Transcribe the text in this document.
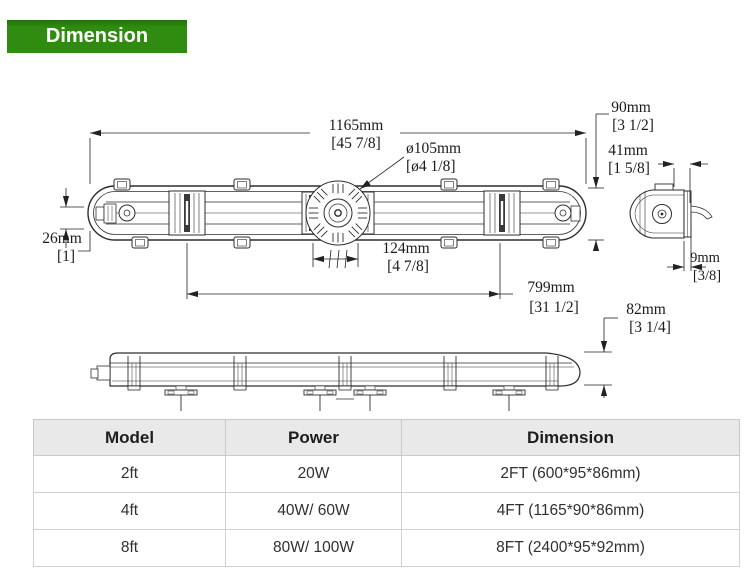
Dimension
1165mm
[45 7/8] ø105mm
[ø4 1/8]
26mm
[1]	124mm
[4 7/8]
799mm
[31 1/2]
90mm
[3 1/2]
41mm
[1 5/8]
9mm
[3/8]
82mm
[3 1/4]
Model	Power	Dimension
2ft	20W	2FT (600*95*86mm)
4ft	40W/ 60W	4FT (1165*90*86mm)
8ft	80W/ 100W	8FT (2400*95*92mm)
